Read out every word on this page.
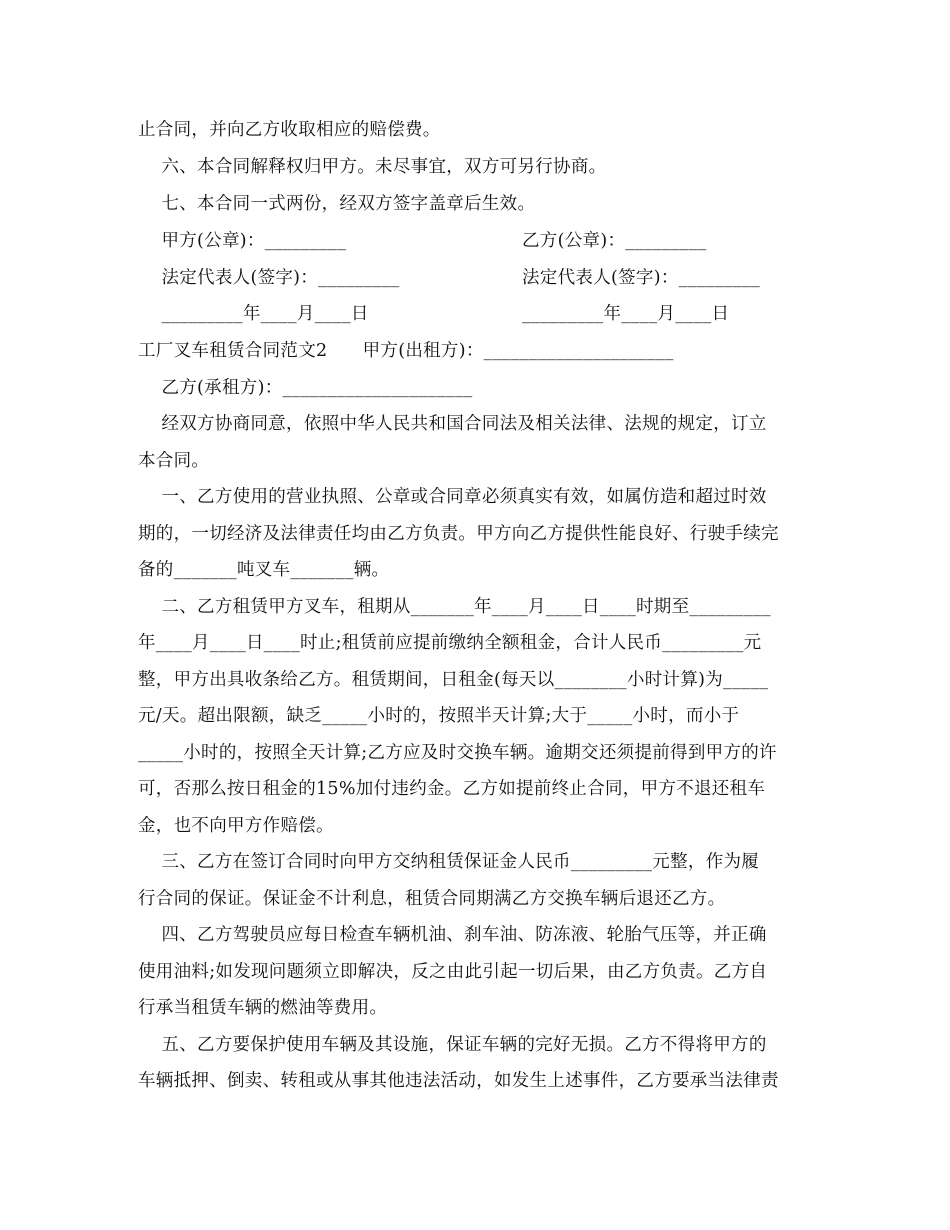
止合同，并向乙方收取相应的赔偿费。
六、本合同解释权归甲方。未尽事宜，双方可另行协商。
七、本合同一式两份，经双方签字盖章后生效。
甲方(公章)：_________	乙方(公章)：_________
法定代表人(签字)：_________	法定代表人(签字)：_________
_________年____月____日	_________年____月____日
工厂叉车租赁合同范文2      甲方(出租方)：_____________________
乙方(承租方)：_____________________
经双方协商同意，依照中华人民共和国合同法及相关法律、法规的规定，订立
本合同。
一、乙方使用的营业执照、公章或合同章必须真实有效，如属仿造和超过时效
期的，一切经济及法律责任均由乙方负责。甲方向乙方提供性能良好、行驶手续完
备的_______吨叉车_______辆。
二、乙方租赁甲方叉车，租期从_______年____月____日____时期至_________
年____月____日____时止;租赁前应提前缴纳全额租金，合计人民币_________元
整，甲方出具收条给乙方。租赁期间，日租金(每天以________小时计算)为_____
元/天。超出限额，缺乏_____小时的，按照半天计算;大于_____小时，而小于
_____小时的，按照全天计算;乙方应及时交换车辆。逾期交还须提前得到甲方的许
可，否那么按日租金的15%加付违约金。乙方如提前终止合同，甲方不退还租车
金，也不向甲方作赔偿。
三、乙方在签订合同时向甲方交纳租赁保证金人民币_________元整，作为履
行合同的保证。保证金不计利息，租赁合同期满乙方交换车辆后退还乙方。
四、乙方驾驶员应每日检查车辆机油、刹车油、防冻液、轮胎气压等，并正确
使用油料;如发现问题须立即解决，反之由此引起一切后果，由乙方负责。乙方自
行承当租赁车辆的燃油等费用。
五、乙方要保护使用车辆及其设施，保证车辆的完好无损。乙方不得将甲方的
车辆抵押、倒卖、转租或从事其他违法活动，如发生上述事件，乙方要承当法律责
